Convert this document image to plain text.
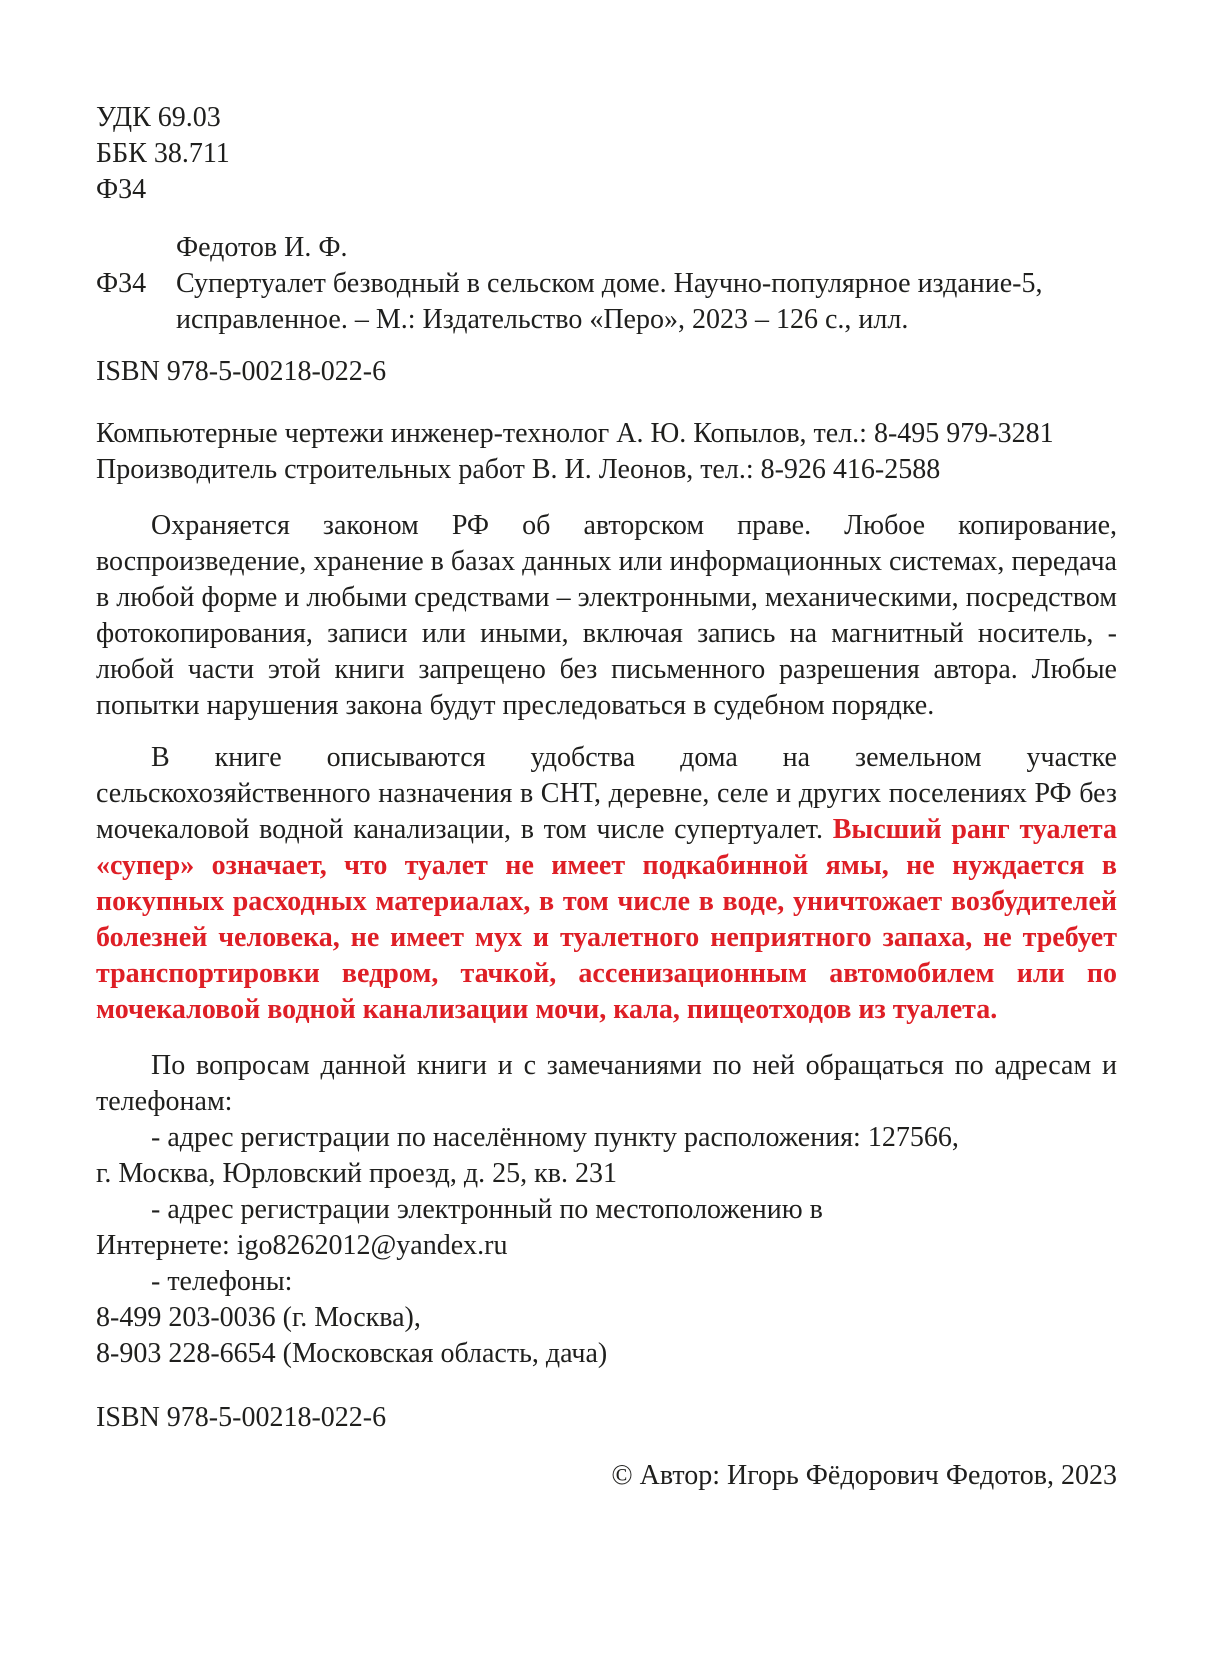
УДК 69.03
ББК 38.711
Ф34
Федотов И. Ф.
Ф34 Супертуалет безводный в сельском доме. Научно-популярное издание-5, исправленное. – М.: Издательство «Перо», 2023 – 126 с., илл.
ISBN 978-5-00218-022-6
Компьютерные чертежи инженер-технолог А. Ю. Копылов, тел.: 8-495 979-3281
Производитель строительных работ В. И. Леонов, тел.: 8-926 416-2588

Охраняется законом РФ об авторском праве. Любое копирование, воспроизведение, хранение в базах данных или информационных системах, передача в любой форме и любыми средствами – электронными, механическими, посредством фотокопирования, записи или иными, включая запись на магнитный носитель, - любой части этой книги запрещено без письменного разрешения автора. Любые попытки нарушения закона будут преследоваться в судебном порядке.

В книге описываются удобства дома на земельном участке сельскохозяйственного назначения в СНТ, деревне, селе и других поселениях РФ без мочекаловой водной канализации, в том числе супертуалет. Высший ранг туалета «супер» означает, что туалет не имеет подкабинной ямы, не нуждается в покупных расходных материалах, в том числе в воде, уничтожает возбудителей болезней человека, не имеет мух и туалетного неприятного запаха, не требует транспортировки ведром, тачкой, ассенизационным автомобилем или по мочекаловой водной канализации мочи, кала, пищеотходов из туалета.

По вопросам данной книги и с замечаниями по ней обращаться по адресам и телефонам:

- адрес регистрации по населённому пункту расположения: 127566,
г. Москва, Юрловский проезд, д. 25, кв. 231
- адрес регистрации электронный по местоположению в
Интернете: igo8262012@yandex.ru
- телефоны:
8-499 203-0036 (г. Москва),
8-903 228-6654 (Московская область, дача)
ISBN 978-5-00218-022-6
© Автор: Игорь Фёдорович Федотов, 2023
